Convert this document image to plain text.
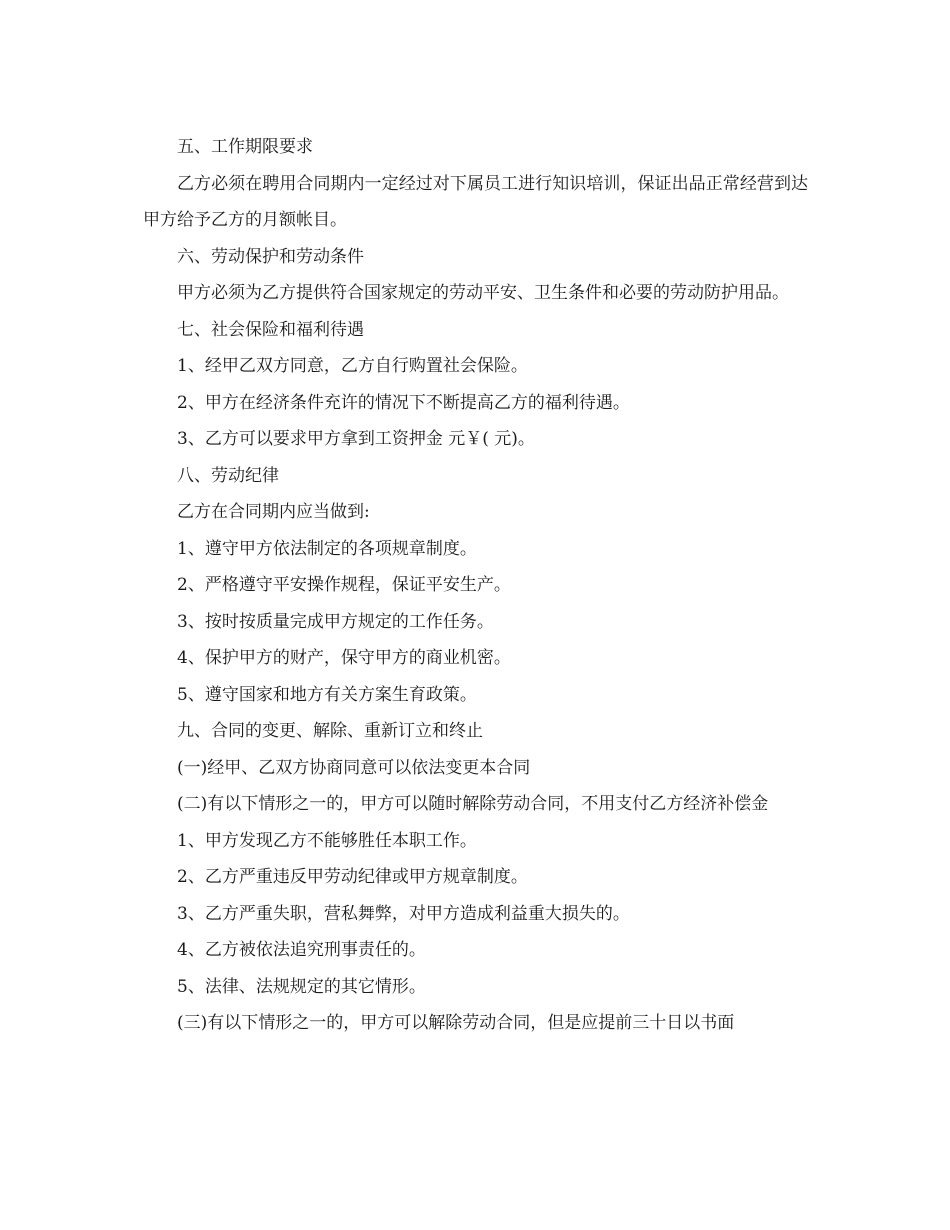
五、工作期限要求

乙方必须在聘用合同期内一定经过对下属员工进行知识培训，保证出品正常经营到达甲方给予乙方的月额帐目。

六、劳动保护和劳动条件

甲方必须为乙方提供符合国家规定的劳动平安、卫生条件和必要的劳动防护用品。

七、社会保险和福利待遇

1、经甲乙双方同意，乙方自行购置社会保险。

2、甲方在经济条件充许的情况下不断提高乙方的福利待遇。

3、乙方可以要求甲方拿到工资押金 元￥( 元)。

八、劳动纪律

乙方在合同期内应当做到:

1、遵守甲方依法制定的各项规章制度。

2、严格遵守平安操作规程，保证平安生产。

3、按时按质量完成甲方规定的工作任务。

4、保护甲方的财产，保守甲方的商业机密。

5、遵守国家和地方有关方案生育政策。

九、合同的变更、解除、重新订立和终止

(一)经甲、乙双方协商同意可以依法变更本合同

(二)有以下情形之一的，甲方可以随时解除劳动合同，不用支付乙方经济补偿金

1、甲方发现乙方不能够胜任本职工作。

2、乙方严重违反甲劳动纪律或甲方规章制度。

3、乙方严重失职，营私舞弊，对甲方造成利益重大损失的。

4、乙方被依法追究刑事责任的。

5、法律、法规规定的其它情形。

(三)有以下情形之一的，甲方可以解除劳动合同，但是应提前三十日以书面
